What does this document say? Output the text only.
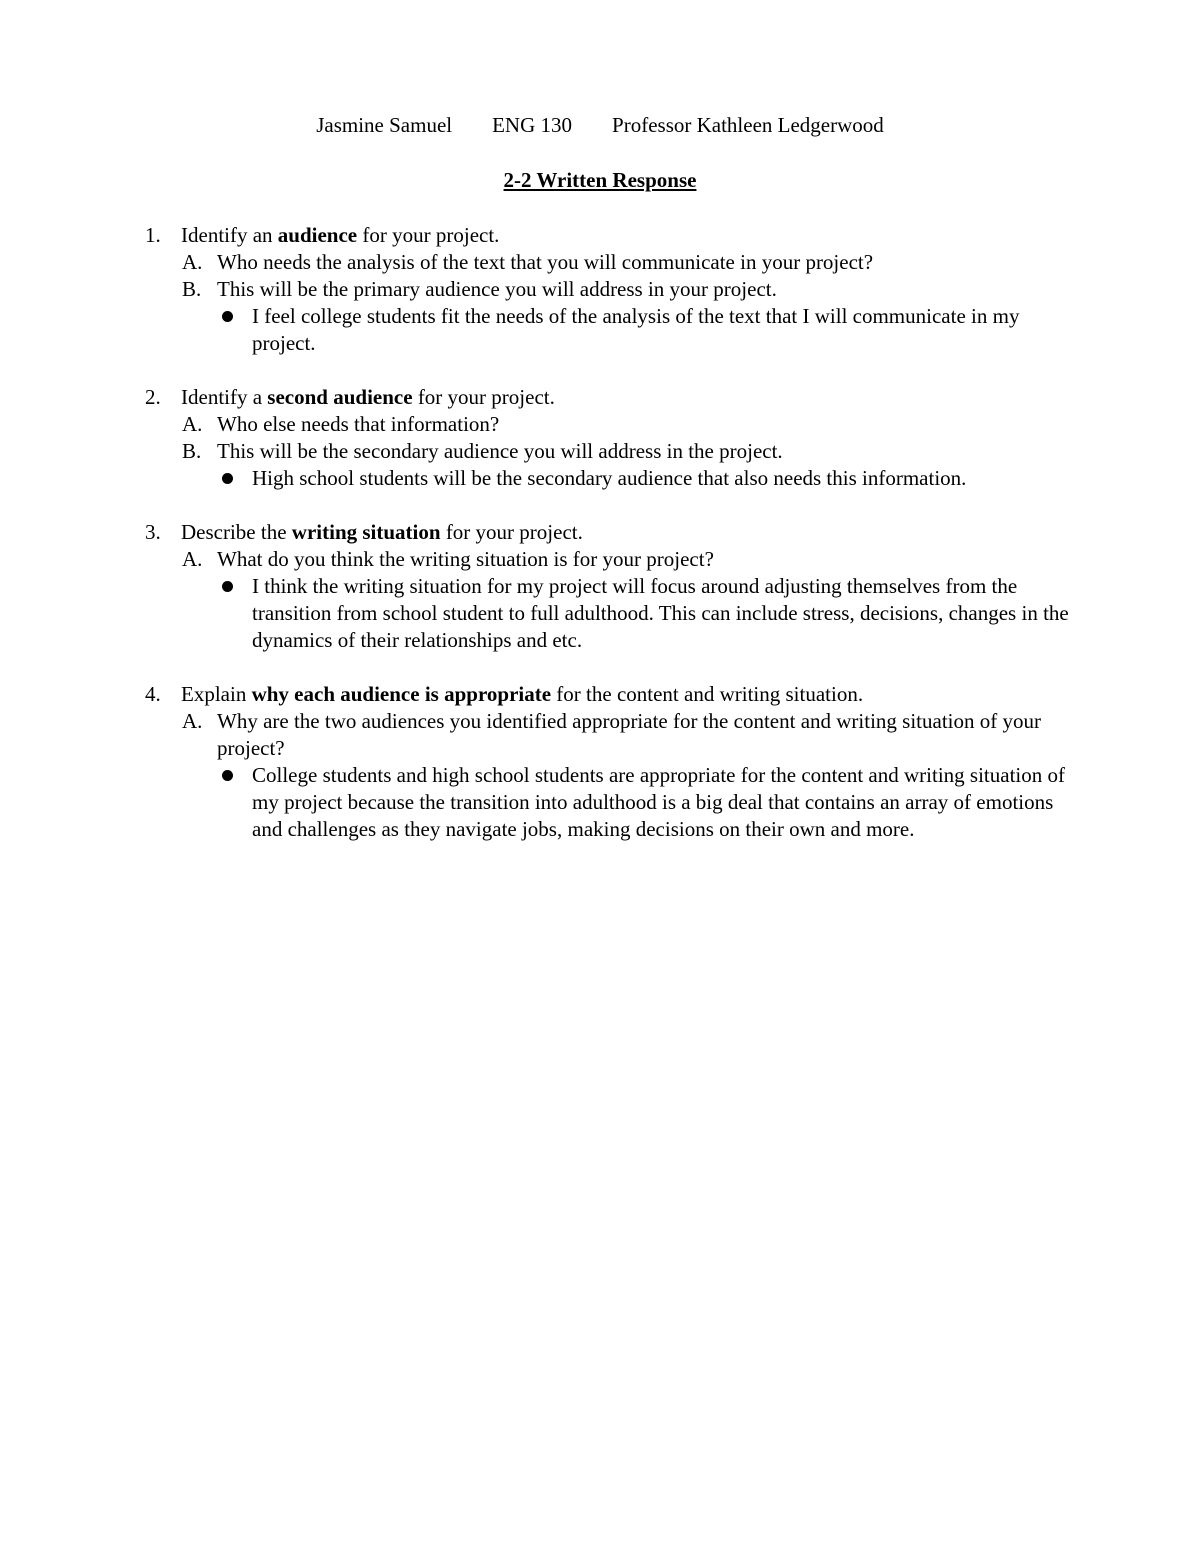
Jasmine Samuel ENG 130 Professor Kathleen Ledgerwood
2-2 Written Response
1. Identify an audience for your project.
A. Who needs the analysis of the text that you will communicate in your project?
B. This will be the primary audience you will address in your project.
I feel college students fit the needs of the analysis of the text that I will communicate in my project.
2. Identify a second audience for your project.
A. Who else needs that information?
B. This will be the secondary audience you will address in the project.
High school students will be the secondary audience that also needs this information.
3. Describe the writing situation for your project.
A. What do you think the writing situation is for your project?
I think the writing situation for my project will focus around adjusting themselves from the transition from school student to full adulthood. This can include stress, decisions, changes in the dynamics of their relationships and etc.
4. Explain why each audience is appropriate for the content and writing situation.
A. Why are the two audiences you identified appropriate for the content and writing situation of your project?
College students and high school students are appropriate for the content and writing situation of my project because the transition into adulthood is a big deal that contains an array of emotions and challenges as they navigate jobs, making decisions on their own and more.
